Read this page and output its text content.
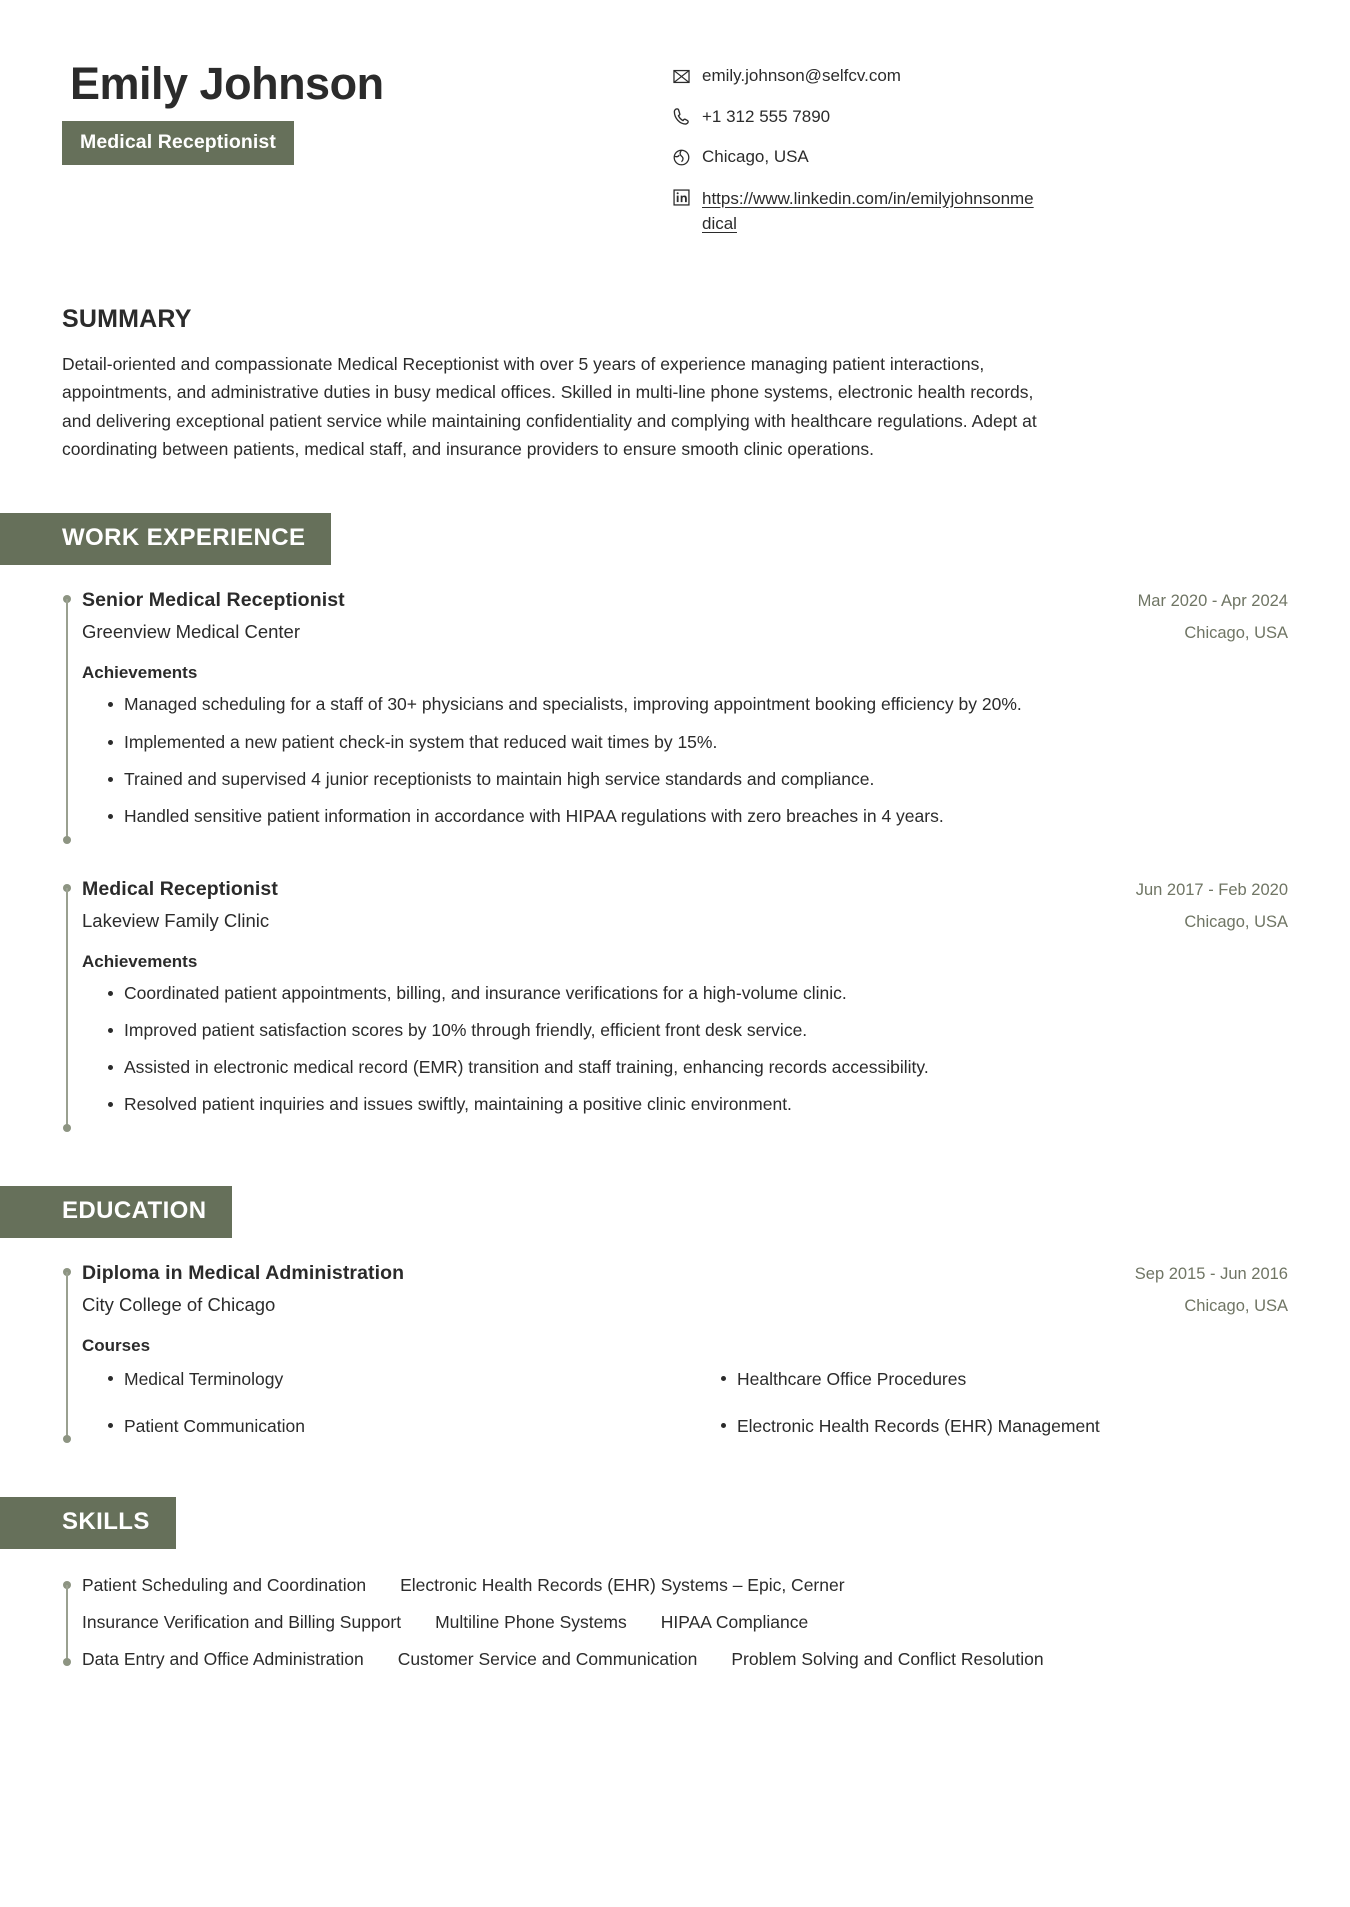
Emily Johnson
Medical Receptionist
emily.johnson@selfcv.com
+1 312 555 7890
Chicago, USA
https://www.linkedin.com/in/emilyjohnsonmedical
SUMMARY
Detail-oriented and compassionate Medical Receptionist with over 5 years of experience managing patient interactions, appointments, and administrative duties in busy medical offices. Skilled in multi-line phone systems, electronic health records, and delivering exceptional patient service while maintaining confidentiality and complying with healthcare regulations. Adept at coordinating between patients, medical staff, and insurance providers to ensure smooth clinic operations.
WORK EXPERIENCE
Senior Medical Receptionist	Mar 2020 - Apr 2024
Greenview Medical Center	Chicago, USA
Achievements
Managed scheduling for a staff of 30+ physicians and specialists, improving appointment booking efficiency by 20%.
Implemented a new patient check-in system that reduced wait times by 15%.
Trained and supervised 4 junior receptionists to maintain high service standards and compliance.
Handled sensitive patient information in accordance with HIPAA regulations with zero breaches in 4 years.
Medical Receptionist	Jun 2017 - Feb 2020
Lakeview Family Clinic	Chicago, USA
Achievements
Coordinated patient appointments, billing, and insurance verifications for a high-volume clinic.
Improved patient satisfaction scores by 10% through friendly, efficient front desk service.
Assisted in electronic medical record (EMR) transition and staff training, enhancing records accessibility.
Resolved patient inquiries and issues swiftly, maintaining a positive clinic environment.
EDUCATION
Diploma in Medical Administration	Sep 2015 - Jun 2016
City College of Chicago	Chicago, USA
Courses
Medical Terminology	Healthcare Office Procedures
Patient Communication	Electronic Health Records (EHR) Management
SKILLS
Patient Scheduling and Coordination Electronic Health Records (EHR) Systems – Epic, Cerner
Insurance Verification and Billing Support Multiline Phone Systems HIPAA Compliance
Data Entry and Office Administration Customer Service and Communication Problem Solving and Conflict Resolution
